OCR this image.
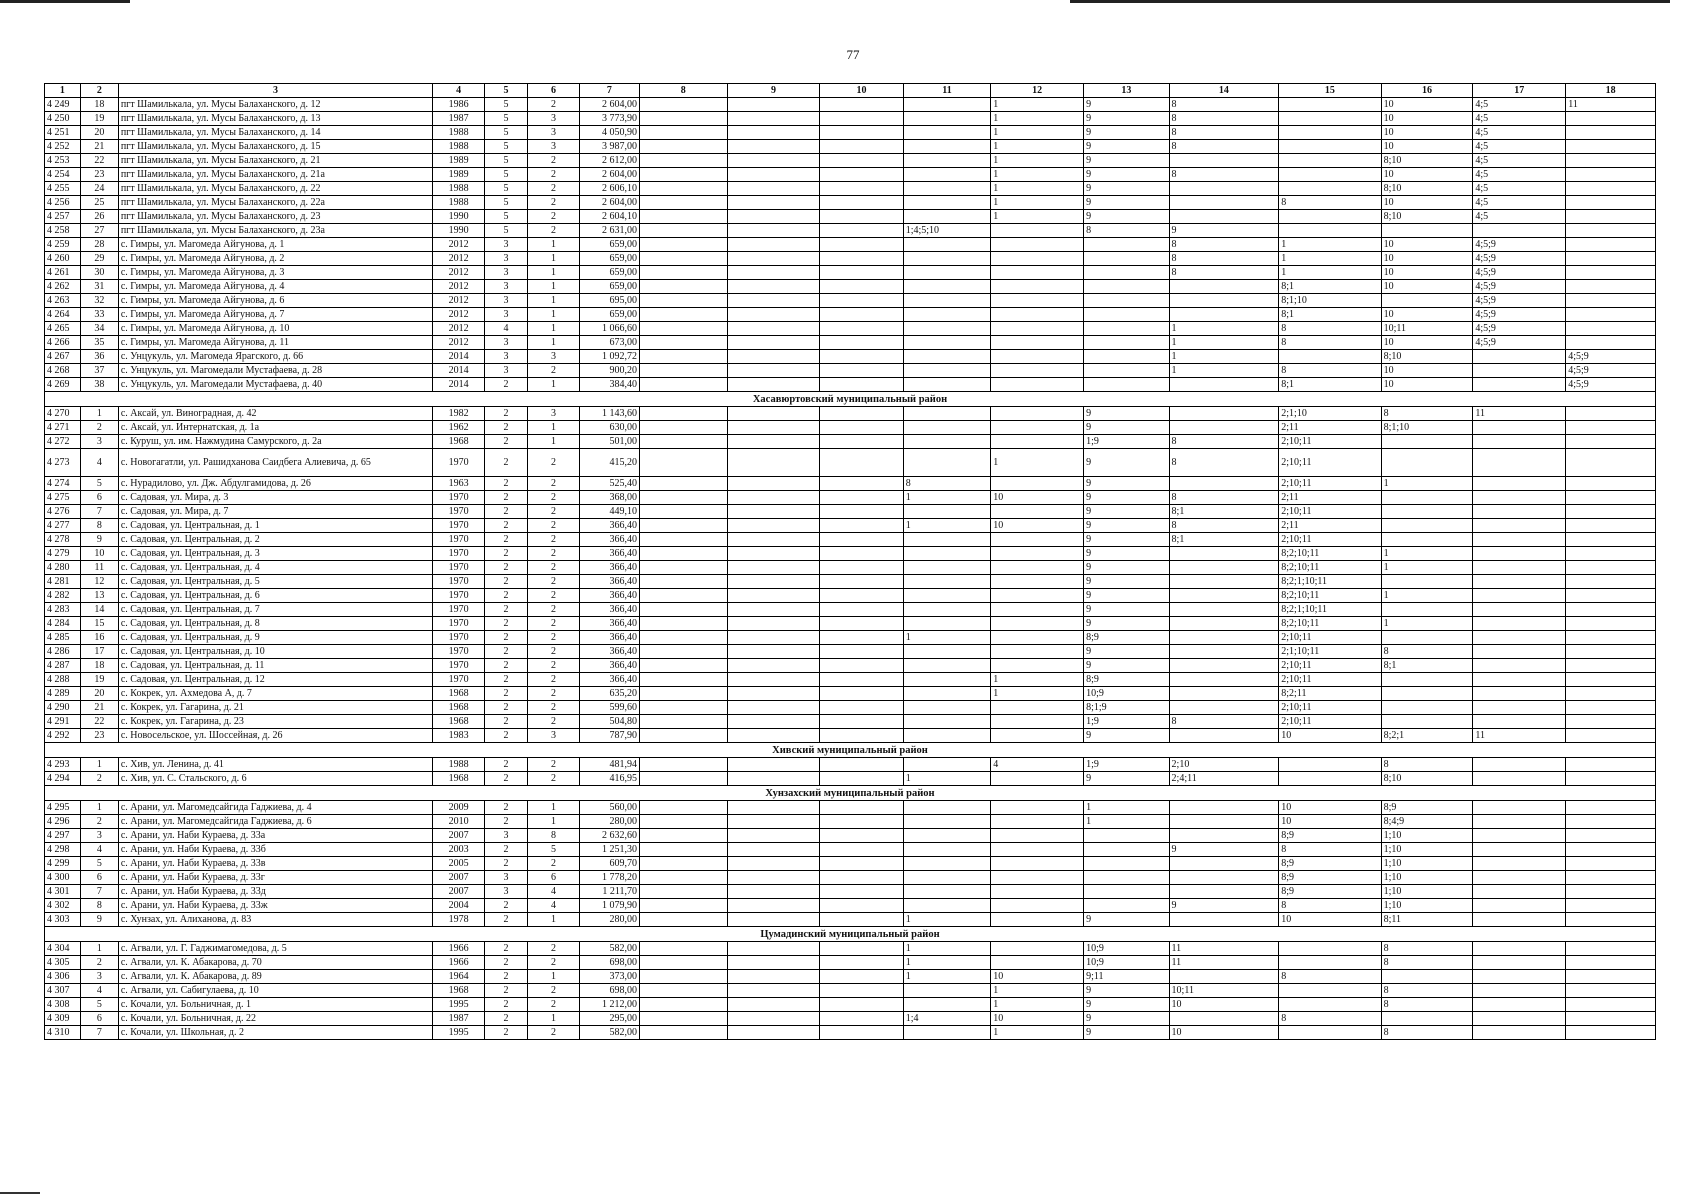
77
1	2	3	4	5	6	7	8	9	10	11	12	13	14	15	16	17	18
4 249	18	пгт Шамилькала, ул. Мусы Балаханского, д. 12	1986	5	2	2 604,00					1	9	8		10	4;5	11
4 250	19	пгт Шамилькала, ул. Мусы Балаханского, д. 13	1987	5	3	3 773,90					1	9	8		10	4;5	
4 251	20	пгт Шамилькала, ул. Мусы Балаханского, д. 14	1988	5	3	4 050,90					1	9	8		10	4;5	
4 252	21	пгт Шамилькала, ул. Мусы Балаханского, д. 15	1988	5	3	3 987,00					1	9	8		10	4;5	
4 253	22	пгт Шамилькала, ул. Мусы Балаханского, д. 21	1989	5	2	2 612,00					1	9			8;10	4;5	
4 254	23	пгт Шамилькала, ул. Мусы Балаханского, д. 21а	1989	5	2	2 604,00					1	9	8		10	4;5	
4 255	24	пгт Шамилькала, ул. Мусы Балаханского, д. 22	1988	5	2	2 606,10					1	9			8;10	4;5	
4 256	25	пгт Шамилькала, ул. Мусы Балаханского, д. 22а	1988	5	2	2 604,00					1	9		8	10	4;5	
4 257	26	пгт Шамилькала, ул. Мусы Балаханского, д. 23	1990	5	2	2 604,10					1	9			8;10	4;5	
4 258	27	пгт Шамилькала, ул. Мусы Балаханского, д. 23а	1990	5	2	2 631,00				1;4;5;10		8	9				
4 259	28	с. Гимры, ул. Магомеда Айгунова, д. 1	2012	3	1	659,00							8	1	10	4;5;9	
4 260	29	с. Гимры, ул. Магомеда Айгунова, д. 2	2012	3	1	659,00							8	1	10	4;5;9	
4 261	30	с. Гимры, ул. Магомеда Айгунова, д. 3	2012	3	1	659,00							8	1	10	4;5;9	
4 262	31	с. Гимры, ул. Магомеда Айгунова, д. 4	2012	3	1	659,00								8;1	10	4;5;9	
4 263	32	с. Гимры, ул. Магомеда Айгунова, д. 6	2012	3	1	695,00								8;1;10		4;5;9	
4 264	33	с. Гимры, ул. Магомеда Айгунова, д. 7	2012	3	1	659,00								8;1	10	4;5;9	
4 265	34	с. Гимры, ул. Магомеда Айгунова, д. 10	2012	4	1	1 066,60							1	8	10;11	4;5;9	
4 266	35	с. Гимры, ул. Магомеда Айгунова, д. 11	2012	3	1	673,00							1	8	10	4;5;9	
4 267	36	с. Унцукуль, ул. Магомеда Ярагского, д. 66	2014	3	3	1 092,72							1		8;10		4;5;9
4 268	37	с. Унцукуль, ул. Магомедали Мустафаева, д. 28	2014	3	2	900,20							1	8	10		4;5;9
4 269	38	с. Унцукуль, ул. Магомедали Мустафаева, д. 40	2014	2	1	384,40								8;1	10		4;5;9
Хасавюртовский муниципальный район																	
4 270	1	с. Аксай, ул. Виноградная, д. 42	1982	2	3	1 143,60						9		2;1;10	8	11	
4 271	2	с. Аксай, ул. Интернатская, д. 1а	1962	2	1	630,00						9		2;11	8;1;10		
4 272	3	с. Куруш, ул. им. Нажмудина Самурского, д. 2а	1968	2	1	501,00						1;9	8	2;10;11			
4 273	4	с. Новогагатли, ул. Рашидханова Саидбега Алиевича, д. 65	1970	2	2	415,20					1	9	8	2;10;11			
4 274	5	с. Нурадилово, ул. Дж. Абдулгамидова, д. 26	1963	2	2	525,40				8		9		2;10;11	1		
4 275	6	с. Садовая, ул. Мира, д. 3	1970	2	2	368,00				1	10	9	8	2;11			
4 276	7	с. Садовая, ул. Мира, д. 7	1970	2	2	449,10						9	8;1	2;10;11			
4 277	8	с. Садовая, ул. Центральная, д. 1	1970	2	2	366,40				1	10	9	8	2;11			
4 278	9	с. Садовая, ул. Центральная, д. 2	1970	2	2	366,40						9	8;1	2;10;11			
4 279	10	с. Садовая, ул. Центральная, д. 3	1970	2	2	366,40						9		8;2;10;11	1		
4 280	11	с. Садовая, ул. Центральная, д. 4	1970	2	2	366,40						9		8;2;10;11	1		
4 281	12	с. Садовая, ул. Центральная, д. 5	1970	2	2	366,40						9		8;2;1;10;11			
4 282	13	с. Садовая, ул. Центральная, д. 6	1970	2	2	366,40						9		8;2;10;11	1		
4 283	14	с. Садовая, ул. Центральная, д. 7	1970	2	2	366,40						9		8;2;1;10;11			
4 284	15	с. Садовая, ул. Центральная, д. 8	1970	2	2	366,40						9		8;2;10;11	1		
4 285	16	с. Садовая, ул. Центральная, д. 9	1970	2	2	366,40				1		8;9		2;10;11			
4 286	17	с. Садовая, ул. Центральная, д. 10	1970	2	2	366,40						9		2;1;10;11	8		
4 287	18	с. Садовая, ул. Центральная, д. 11	1970	2	2	366,40						9		2;10;11	8;1		
4 288	19	с. Садовая, ул. Центральная, д. 12	1970	2	2	366,40					1	8;9		2;10;11			
4 289	20	с. Кокрек, ул. Ахмедова А, д. 7	1968	2	2	635,20					1	10;9		8;2;11			
4 290	21	с. Кокрек, ул. Гагарина, д. 21	1968	2	2	599,60						8;1;9		2;10;11			
4 291	22	с. Кокрек, ул. Гагарина, д. 23	1968	2	2	504,80						1;9	8	2;10;11			
4 292	23	с. Новосельское, ул. Шоссейная, д. 26	1983	2	3	787,90						9		10	8;2;1	11	
Хивский муниципальный район																	
4 293	1	с. Хив, ул. Ленина, д. 41	1988	2	2	481,94					4	1;9	2;10		8		
4 294	2	с. Хив, ул. С. Стальского, д. 6	1968	2	2	416,95				1		9	2;4;11		8;10		
Хунзахский муниципальный район																	
4 295	1	с. Арани, ул. Магомедсайгида Гаджиева, д. 4	2009	2	1	560,00						1		10	8;9		
4 296	2	с. Арани, ул. Магомедсайгида Гаджиева, д. 6	2010	2	1	280,00						1		10	8;4;9		
4 297	3	с. Арани, ул. Наби Кураева, д. 33а	2007	3	8	2 632,60								8;9	1;10		
4 298	4	с. Арани, ул. Наби Кураева, д. 33б	2003	2	5	1 251,30							9	8	1;10		
4 299	5	с. Арани, ул. Наби Кураева, д. 33в	2005	2	2	609,70								8;9	1;10		
4 300	6	с. Арани, ул. Наби Кураева, д. 33г	2007	3	6	1 778,20								8;9	1;10		
4 301	7	с. Арани, ул. Наби Кураева, д. 33д	2007	3	4	1 211,70								8;9	1;10		
4 302	8	с. Арани, ул. Наби Кураева, д. 33ж	2004	2	4	1 079,90							9	8	1;10		
4 303	9	с. Хунзах, ул. Алиханова, д. 83	1978	2	1	280,00				1		9		10	8;11		
Цумадинский муниципальный район																	
4 304	1	с. Агвали, ул. Г. Гаджимагомедова, д. 5	1966	2	2	582,00				1		10;9	11		8		
4 305	2	с. Агвали, ул. К. Абакарова, д. 70	1966	2	2	698,00				1		10;9	11		8		
4 306	3	с. Агвали, ул. К. Абакарова, д. 89	1964	2	1	373,00				1	10	9;11		8			
4 307	4	с. Агвали, ул. Сабигулаева, д. 10	1968	2	2	698,00					1	9	10;11		8		
4 308	5	с. Кочали, ул. Больничная, д. 1	1995	2	2	1 212,00					1	9	10		8		
4 309	6	с. Кочали, ул. Больничная, д. 22	1987	2	1	295,00				1;4	10	9		8			
4 310	7	с. Кочали, ул. Школьная, д. 2	1995	2	2	582,00					1	9	10		8		
